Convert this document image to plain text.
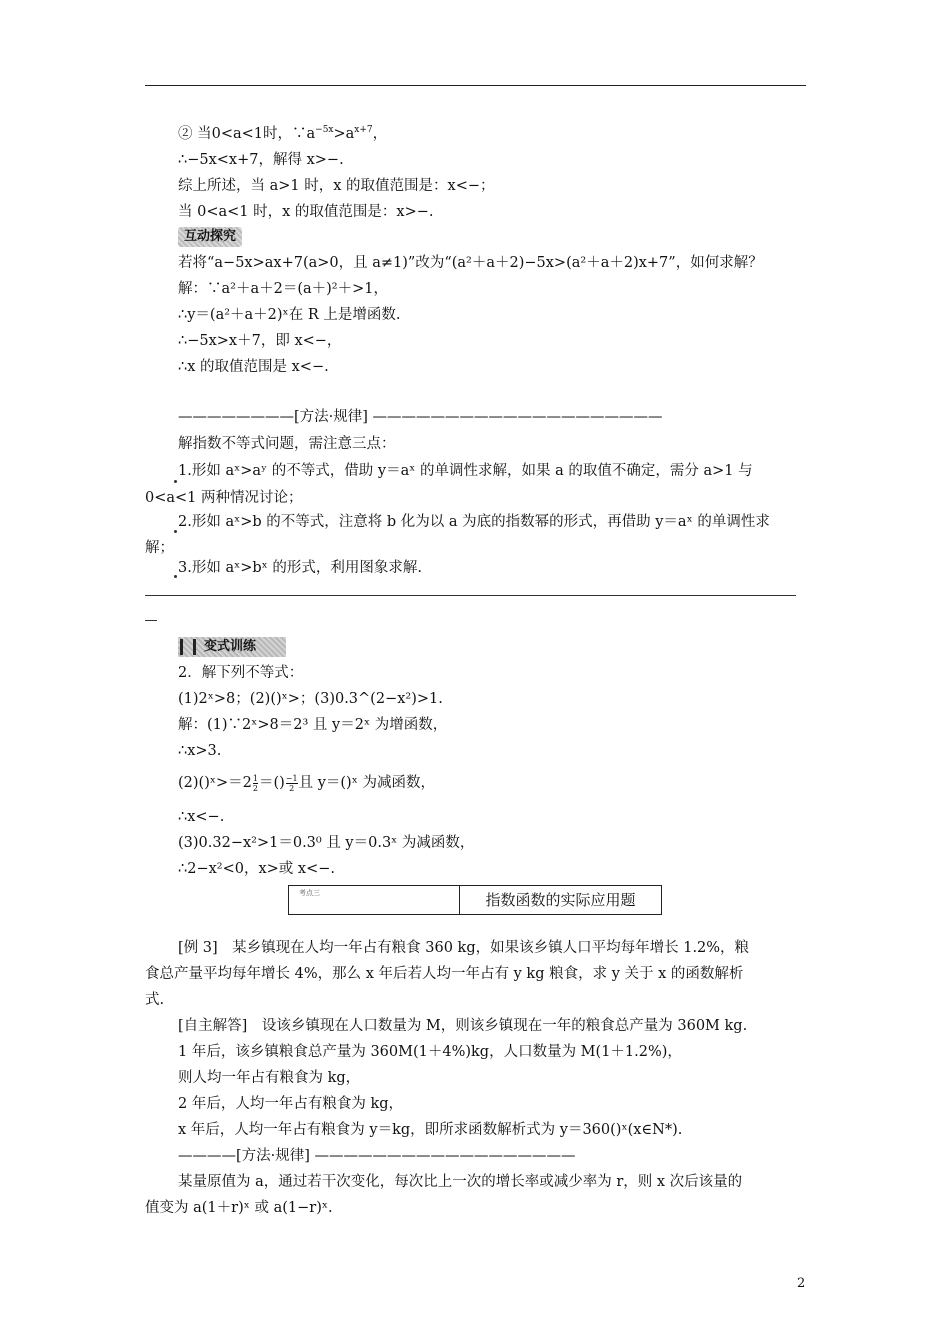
② 当0<a<1时，$\because a^{-5x}>a^{x+7}$，
∴−5x<x+7，解得 x>−.
综上所述，当 a>1 时，x 的取值范围是：x<−；
当 0<a<1 时，x 的取值范围是：x>−.
互动探究
若将“a−5x>ax+7(a>0，且 a≠1)”改为“(a²＋a＋2)−5x>(a²＋a＋2)x+7”，如何求解？
解：∵a²＋a＋2＝(a＋)²＋>1，
∴y＝(a²＋a＋2)ˣ在 R 上是增函数.
∴−5x>x＋7，即 x<−，
∴x 的取值范围是 x<−.
————————[方法·规律] ————————————————————
解指数不等式问题，需注意三点：
1.形如 aˣ>aʸ 的不等式，借助 y＝aˣ 的单调性求解，如果 a 的取值不确定，需分 a>1 与
0<a<1 两种情况讨论；
2.形如 aˣ>b 的不等式，注意将 b 化为以 a 为底的指数幂的形式，再借助 y＝aˣ 的单调性求
解；
3.形如 aˣ>bˣ 的形式，利用图象求解.
变式训练
2．解下列不等式：
(1)2ˣ>8；(2)()ˣ>；(3)0.3^(2−x²)>1.
解：(1)∵2ˣ>8＝2³ 且 y＝2ˣ 为增函数，
∴x>3.
(2)()ˣ>＝2 $\frac{1}{2}$ ＝() $\frac{-1}{2}$ 且 y＝()ˣ 为减函数，
∴x<−.
(3)0.32−x²>1＝0.3⁰ 且 y＝0.3ˣ 为减函数，
∴2−x²<0，x>或 x<−.
考点三	指数函数的实际应用题
[例 3]　某乡镇现在人均一年占有粮食 360 kg，如果该乡镇人口平均每年增长 1.2%，粮
食总产量平均每年增长 4%，那么 x 年后若人均一年占有 y kg 粮食，求 y 关于 x 的函数解析
式.
[自主解答]　设该乡镇现在人口数量为 M，则该乡镇现在一年的粮食总产量为 360M kg.
1 年后，该乡镇粮食总产量为 360M(1＋4%)kg，人口数量为 M(1＋1.2%)，
则人均一年占有粮食为 kg，
2 年后，人均一年占有粮食为 kg，
x 年后，人均一年占有粮食为 y＝kg，即所求函数解析式为 y＝360()ˣ(x∈N*).
————[方法·规律] ——————————————————
某量原值为 a，通过若干次变化，每次比上一次的增长率或减少率为 r，则 x 次后该量的
值变为 a(1＋r)ˣ 或 a(1−r)ˣ.
2
